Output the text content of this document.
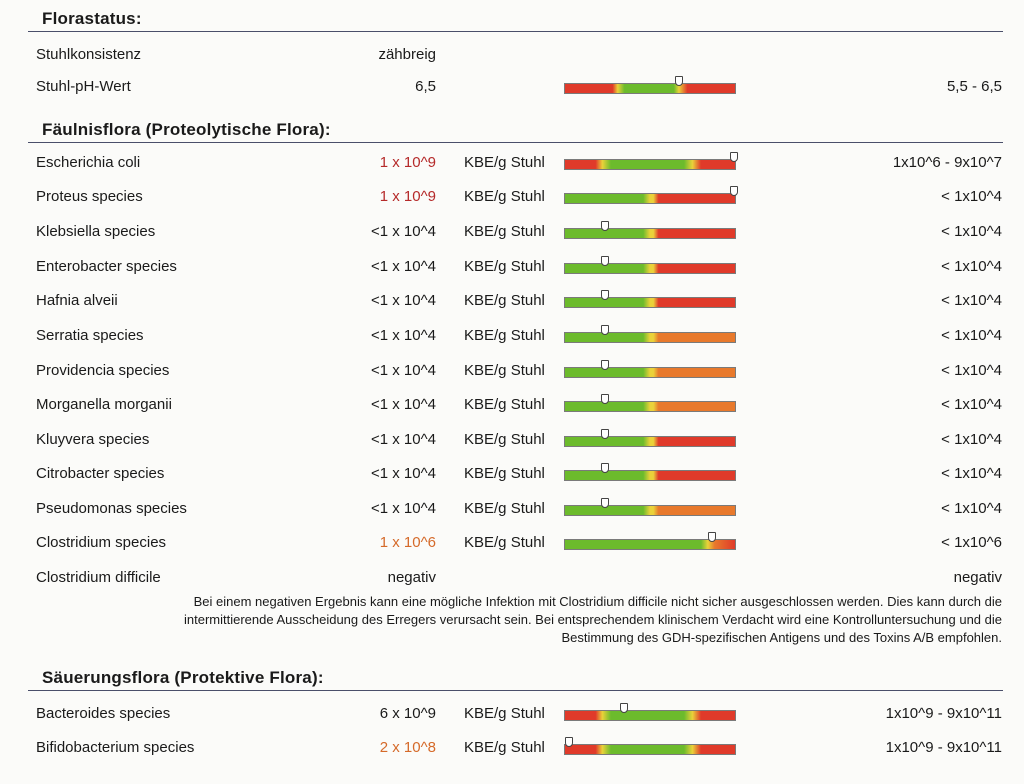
Florastatus:
Fäulnisflora (Proteolytische Flora):
Säuerungsflora (Protektive Flora):
Stuhlkonsistenz	zähbreig
Stuhl-pH-Wert	6,5	5,5 - 6,5
Escherichia coli	1 x 10^9 KBE/g Stuhl	1x10^6 - 9x10^7
Proteus species	1 x 10^9 KBE/g Stuhl	< 1x10^4
Klebsiella species	<1 x 10^4 KBE/g Stuhl	< 1x10^4
Enterobacter species	<1 x 10^4 KBE/g Stuhl	< 1x10^4
Hafnia alveii	<1 x 10^4 KBE/g Stuhl	< 1x10^4
Serratia species	<1 x 10^4 KBE/g Stuhl	< 1x10^4
Providencia species	<1 x 10^4 KBE/g Stuhl	< 1x10^4
Morganella morganii	<1 x 10^4 KBE/g Stuhl	< 1x10^4
Kluyvera species	<1 x 10^4 KBE/g Stuhl	< 1x10^4
Citrobacter species	<1 x 10^4 KBE/g Stuhl	< 1x10^4
Pseudomonas species	<1 x 10^4 KBE/g Stuhl	< 1x10^4
Clostridium species	1 x 10^6 KBE/g Stuhl	< 1x10^6
Clostridium difficile	negativ	negativ
Bacteroides species	6 x 10^9 KBE/g Stuhl	1x10^9 - 9x10^11
Bifidobacterium species	2 x 10^8 KBE/g Stuhl	1x10^9 - 9x10^11
Bei einem negativen Ergebnis kann eine mögliche Infektion mit Clostridium difficile nicht sicher ausgeschlossen werden. Dies kann durch die
intermittierende Ausscheidung des Erregers verursacht sein. Bei entsprechendem klinischem Verdacht wird eine Kontrolluntersuchung und die
Bestimmung des GDH-spezifischen Antigens und des Toxins A/B empfohlen.
